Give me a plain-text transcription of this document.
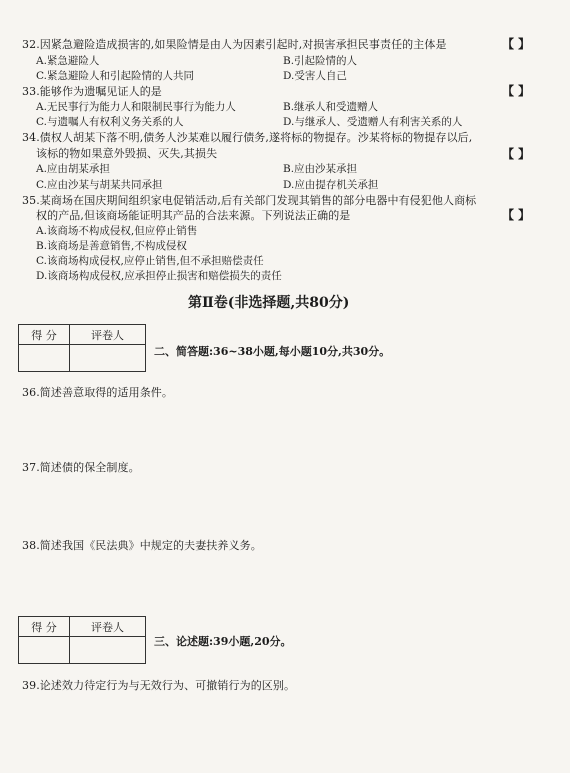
32.因紧急避险造成损害的,如果险情是由人为因素引起时,对损害承担民事责任的主体是	【 】
A.紧急避险人	B.引起险情的人
C.紧急避险人和引起险情的人共同	D.受害人自己
33.能够作为遗嘱见证人的是	【 】
A.无民事行为能力人和限制民事行为能力人	B.继承人和受遗赠人
C.与遗嘱人有权利义务关系的人	D.与继承人、受遗赠人有利害关系的人
34.债权人胡某下落不明,债务人沙某难以履行债务,遂将标的物提存。沙某将标的物提存以后,
该标的物如果意外毁损、灭失,其损失	【 】
A.应由胡某承担	B.应由沙某承担
C.应由沙某与胡某共同承担	D.应由提存机关承担
35.某商场在国庆期间组织家电促销活动,后有关部门发现其销售的部分电器中有侵犯他人商标
权的产品,但该商场能证明其产品的合法来源。下列说法正确的是	【 】
A.该商场不构成侵权,但应停止销售
B.该商场是善意销售,不构成侵权
C.该商场构成侵权,应停止销售,但不承担赔偿责任
D.该商场构成侵权,应承担停止损害和赔偿损失的责任
第Ⅱ卷(非选择题,共80分)
得 分	评卷人

二、简答题:36~38小题,每小题10分,共30分。
36.简述善意取得的适用条件。
37.简述债的保全制度。
38.简述我国《民法典》中规定的夫妻扶养义务。
得 分	评卷人

三、论述题:39小题,20分。
39.论述效力待定行为与无效行为、可撤销行为的区别。
